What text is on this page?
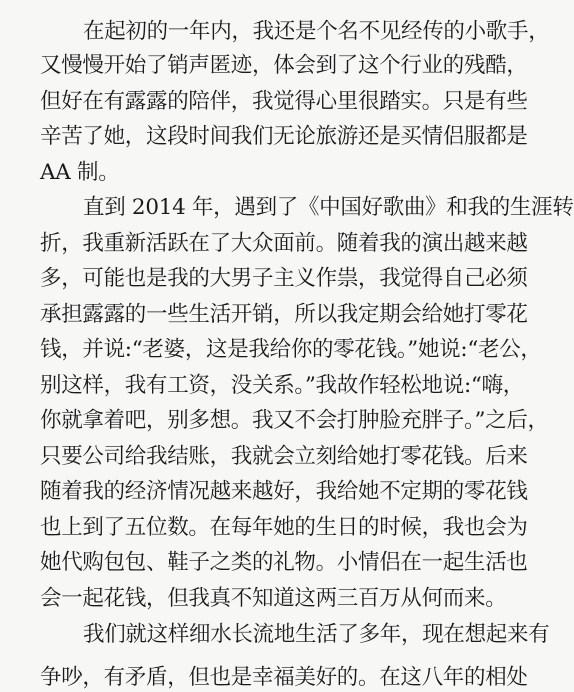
在起初的一年内，我还是个名不见经传的小歌手，
又慢慢开始了销声匿迹，体会到了这个行业的残酷，
但好在有露露的陪伴，我觉得心里很踏实。只是有些
辛苦了她，这段时间我们无论旅游还是买情侣服都是
AA 制。
直到 2014 年，遇到了《中国好歌曲》和我的生涯转
折，我重新活跃在了大众面前。随着我的演出越来越
多，可能也是我的大男子主义作祟，我觉得自己必须
承担露露的一些生活开销，所以我定期会给她打零花
钱，并说:“老婆，这是我给你的零花钱。”她说:“老公，
别这样，我有工资，没关系。”我故作轻松地说:“嗨，
你就拿着吧，别多想。我又不会打肿脸充胖子。”之后，
只要公司给我结账，我就会立刻给她打零花钱。后来
随着我的经济情况越来越好，我给她不定期的零花钱
也上到了五位数。在每年她的生日的时候，我也会为
她代购包包、鞋子之类的礼物。小情侣在一起生活也
会一起花钱，但我真不知道这两三百万从何而来。
我们就这样细水长流地生活了多年，现在想起来有
争吵，有矛盾，但也是幸福美好的。在这八年的相处
